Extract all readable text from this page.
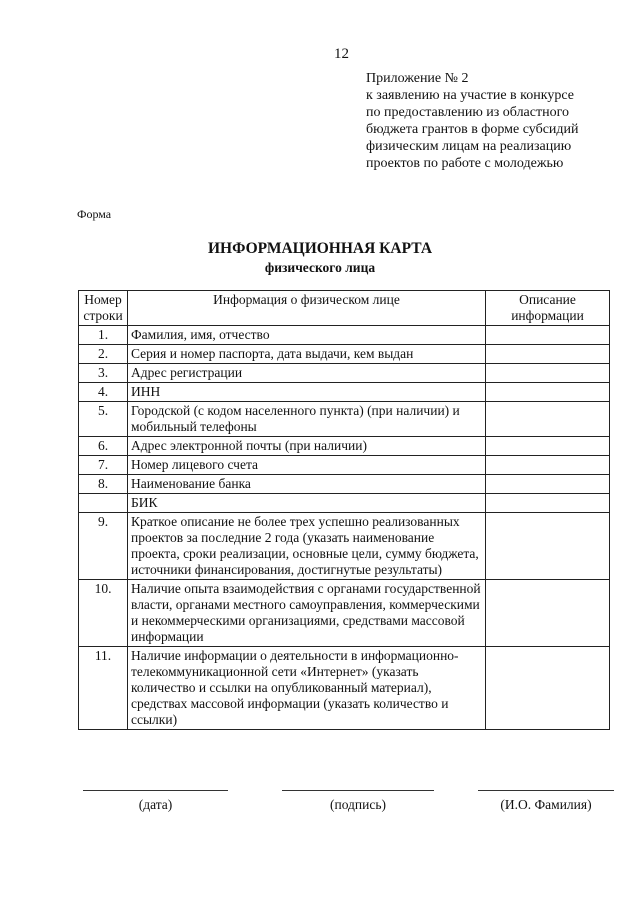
12
Приложение № 2
к заявлению на участие в конкурсе
по предоставлению из областного
бюджета грантов в форме субсидий
физическим лицам на реализацию
проектов по работе с молодежью
Форма
ИНФОРМАЦИОННАЯ КАРТА
физического лица
Номер строки	Информация о физическом лице	Описание информации
1.	Фамилия, имя, отчество	
2.	Серия и номер паспорта, дата выдачи, кем выдан	
3.	Адрес регистрации	
4.	ИНН	
5.	Городской (с кодом населенного пункта) (при наличии) и мобильный телефоны	
6.	Адрес электронной почты (при наличии)	
7.	Номер лицевого счета	
8.	Наименование банка	
	БИК	
9.	Краткое описание не более трех успешно реализованных проектов за последние 2 года (указать наименование проекта, сроки реализации, основные цели, сумму бюджета, источники финансирования, достигнутые результаты)	
10.	Наличие опыта взаимодействия с органами государственной власти, органами местного самоуправления, коммерческими и некоммерческими организациями, средствами массовой информации	
11.	Наличие информации о деятельности в информационно-телекоммуникационной сети «Интернет» (указать количество и ссылки на опубликованный материал), средствах массовой информации (указать количество и ссылки)	
(дата)	(подпись)	(И.О. Фамилия)
